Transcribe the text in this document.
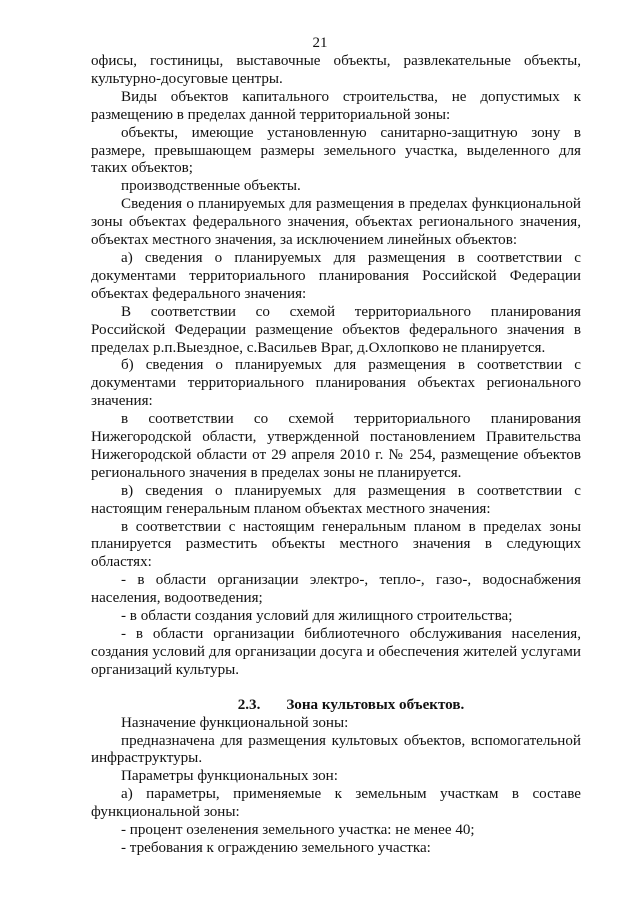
21

офисы, гостиницы, выставочные объекты, развлекательные объекты,

культурно-досуговые центры.

Виды объектов капитального строительства, не допустимых к

размещению в пределах данной территориальной зоны:

объекты, имеющие установленную санитарно-защитную зону в

размере, превышающем размеры земельного участка, выделенного для

таких объектов;

производственные объекты.

Сведения о планируемых для размещения в пределах функциональной

зоны объектах федерального значения, объектах регионального значения,

объектах местного значения, за исключением линейных объектов:

а) сведения о планируемых для размещения в соответствии с

документами территориального планирования Российской Федерации

объектах федерального значения:

В соответствии со схемой территориального планирования

Российской Федерации размещение объектов федерального значения в

пределах р.п.Выездное, с.Васильев Враг, д.Охлопково не планируется.

б) сведения о планируемых для размещения в соответствии с

документами территориального планирования объектах регионального

значения:

в соответствии со схемой территориального планирования

Нижегородской области, утвержденной постановлением Правительства

Нижегородской области от 29 апреля 2010 г. № 254, размещение объектов

регионального значения в пределах зоны не планируется.

в) сведения о планируемых для размещения в соответствии с

настоящим генеральным планом объектах местного значения:

в соответствии с настоящим генеральным планом в пределах зоны

планируется разместить объекты местного значения в следующих

областях:

- в области организации электро-, тепло-, газо-, водоснабжения

населения, водоотведения;

- в области создания условий для жилищного строительства;

- в области организации библиотечного обслуживания населения,

создания условий для организации досуга и обеспечения жителей услугами

организаций культуры.

2.3. Зона культовых объектов.

Назначение функциональной зоны:

предназначена для размещения культовых объектов, вспомогательной

инфраструктуры.

Параметры функциональных зон:

а) параметры, применяемые к земельным участкам в составе

функциональной зоны:

- процент озеленения земельного участка: не менее 40;

- требования к ограждению земельного участка:
